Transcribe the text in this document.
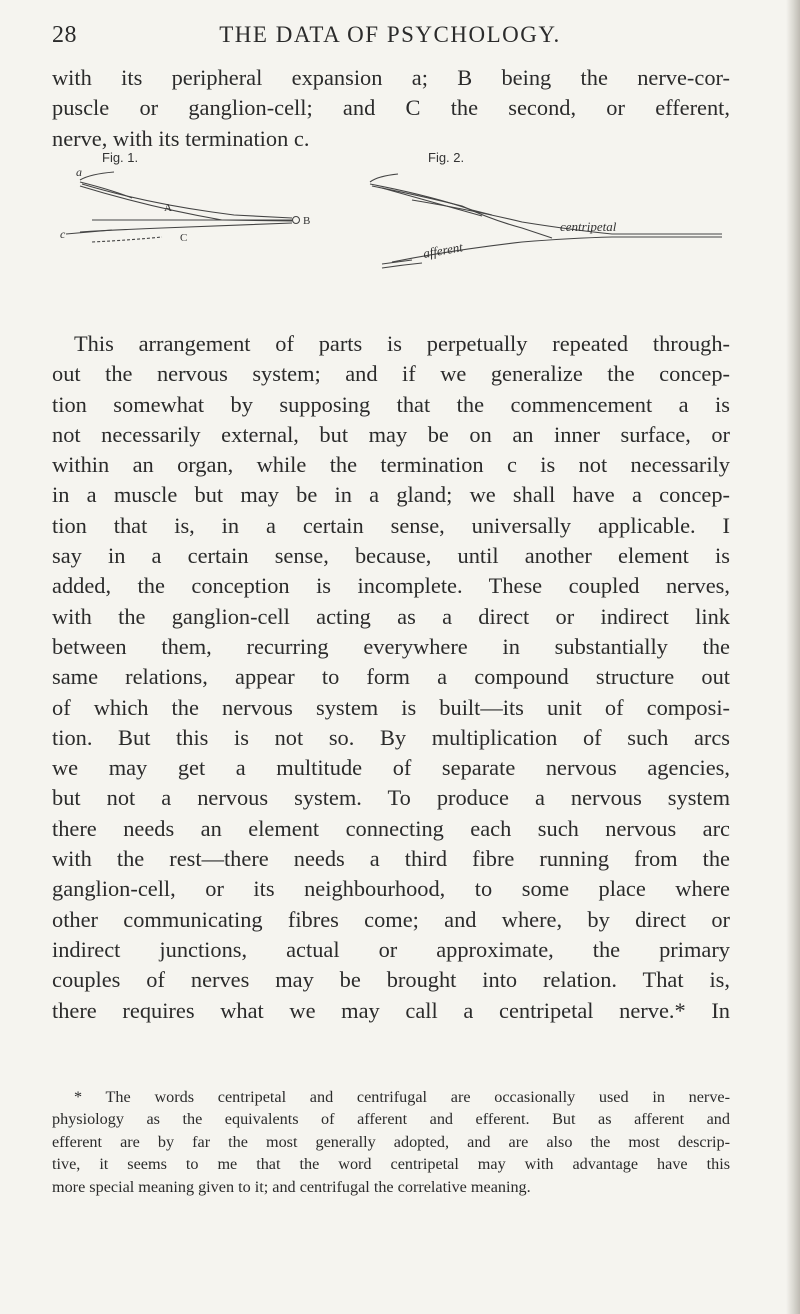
28	THE DATA OF PSYCHOLOGY.

with its peripheral expansion a; B being the nerve-cor-
puscle or ganglion-cell; and C the second, or efferent,
nerve, with its termination c.

Fig. 1.
a
A
B
C
c
Fig. 2.
centripetal
afferent

This arrangement of parts is perpetually repeated through-
out the nervous system; and if we generalize the concep-
tion somewhat by supposing that the commencement a is
not necessarily external, but may be on an inner surface, or
within an organ, while the termination c is not necessarily
in a muscle but may be in a gland; we shall have a concep-
tion that is, in a certain sense, universally applicable. I
say in a certain sense, because, until another element is
added, the conception is incomplete. These coupled nerves,
with the ganglion-cell acting as a direct or indirect link
between them, recurring everywhere in substantially the
same relations, appear to form a compound structure out
of which the nervous system is built—its unit of composi-
tion. But this is not so. By multiplication of such arcs
we may get a multitude of separate nervous agencies,
but not a nervous system. To produce a nervous system
there needs an element connecting each such nervous arc
with the rest—there needs a third fibre running from the
ganglion-cell, or its neighbourhood, to some place where
other communicating fibres come; and where, by direct or
indirect junctions, actual or approximate, the primary
couples of nerves may be brought into relation. That is,
there requires what we may call a centripetal nerve.* In

* The words centripetal and centrifugal are occasionally used in nerve-
physiology as the equivalents of afferent and efferent. But as afferent and
efferent are by far the most generally adopted, and are also the most descrip-
tive, it seems to me that the word centripetal may with advantage have this
more special meaning given to it; and centrifugal the correlative meaning.
